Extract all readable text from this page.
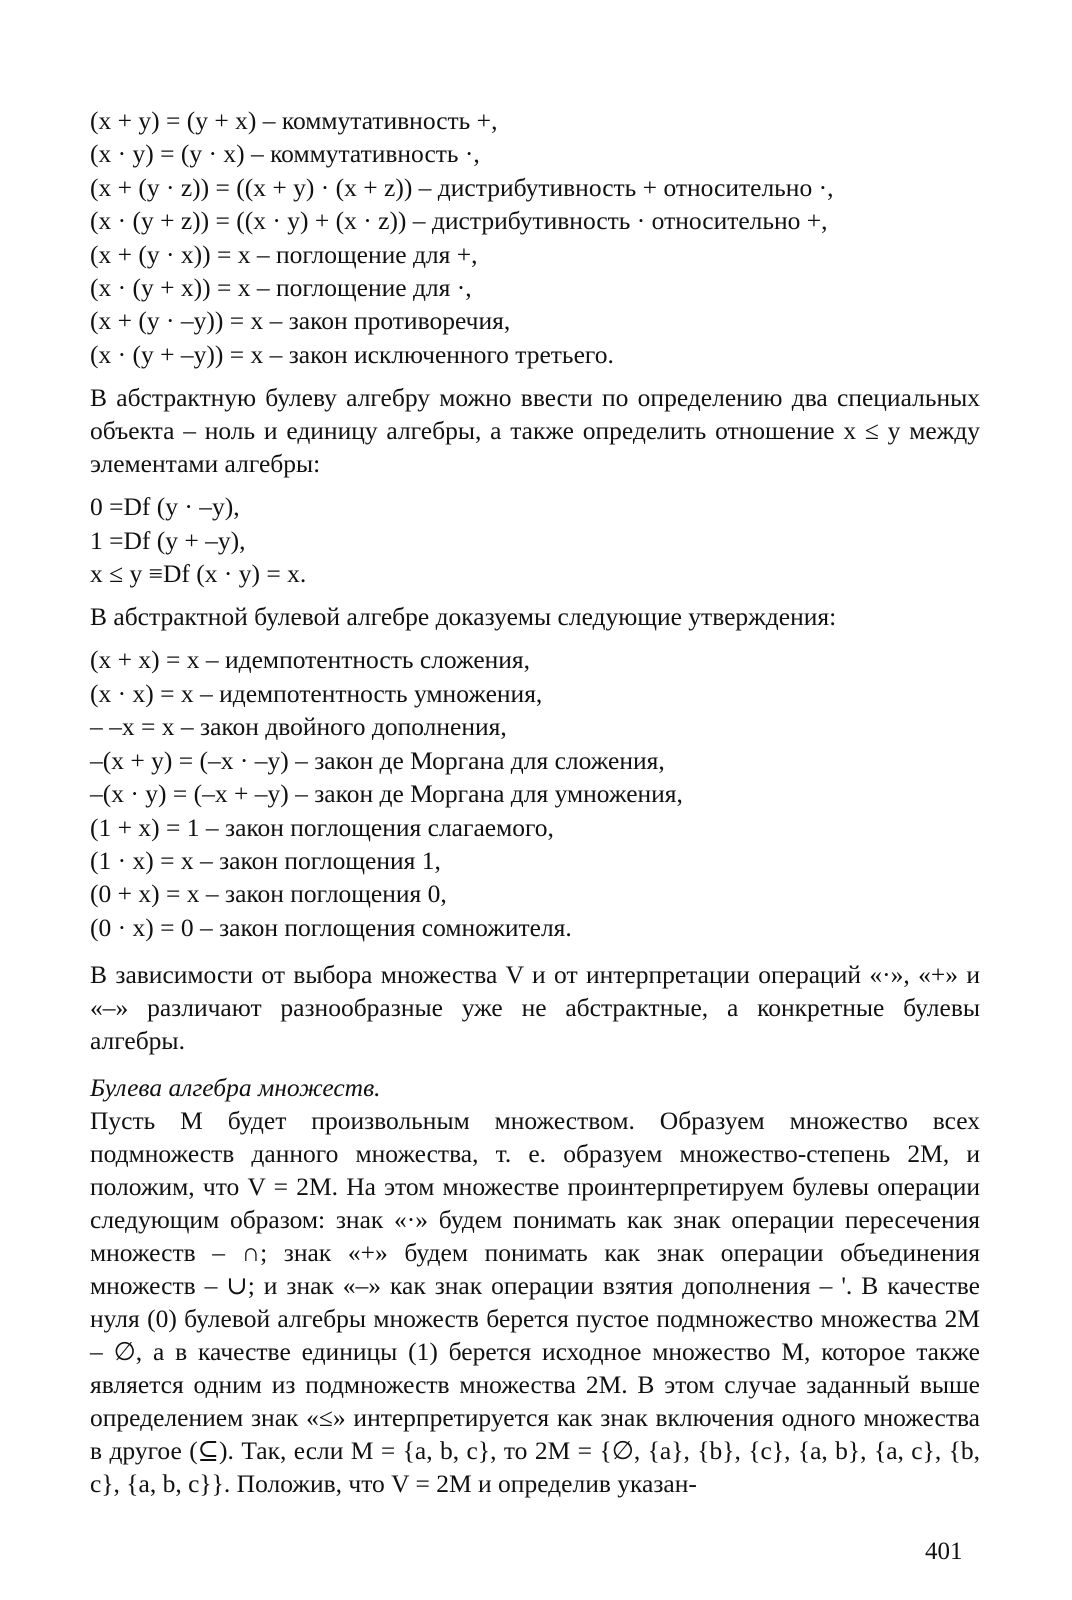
(x + y) = (y + x) – коммутативность +,
(x · y) = (y · x) – коммутативность ·,
(x + (y · z)) = ((x + y) · (x + z)) – дистрибутивность + относительно ·,
(x · (y + z)) = ((x · y) + (x · z)) – дистрибутивность · относительно +,
(x + (y · x)) = x – поглощение для +,
(x · (y + x)) = x – поглощение для ·,
(x + (y · –y)) = x – закон противоречия,
(x · (y + –y)) = x – закон исключенного третьего.

В абстрактную булеву алгебру можно ввести по определению два специальных объекта – ноль и единицу алгебры, а также определить отношение x ≤ y между элементами алгебры:

0 =Df (y · –y),
1 =Df (y + –y),
x ≤ y ≡Df (x · y) = x.

В абстрактной булевой алгебре доказуемы следующие утверждения:

(x + x) = x – идемпотентность сложения,
(x · x) = x – идемпотентность умножения,
– –x = x – закон двойного дополнения,
–(x + y) = (–x · –y) – закон де Моргана для сложения,
–(x · y) = (–x + –y) – закон де Моргана для умножения,
(1 + x) = 1 – закон поглощения слагаемого,
(1 · x) = x – закон поглощения 1,
(0 + x) = x – закон поглощения 0,
(0 · x) = 0 – закон поглощения сомножителя.

В зависимости от выбора множества V и от интерпретации операций «·», «+» и «–» различают разнообразные уже не абстрактные, а конкретные булевы алгебры.

Булева алгебра множеств.

Пусть M будет произвольным множеством. Образуем множество всех подмножеств данного множества, т. е. образуем множество-степень 2M, и положим, что V = 2M. На этом множестве проинтерпретируем булевы операции следующим образом: знак «·» будем понимать как знак операции пересечения множеств – ∩; знак «+» будем понимать как знак операции объединения множеств – ∪; и знак «–» как знак операции взятия дополнения – '. В качестве нуля (0) булевой алгебры множеств берется пустое подмножество множества 2M – ∅, а в качестве единицы (1) берется исходное множество M, которое также является одним из подмножеств множества 2M. В этом случае заданный выше определением знак «≤» интерпретируется как знак включения одного множества в другое (⊆). Так, если M = {a, b, c}, то 2M = {∅, {a}, {b}, {c}, {a, b}, {a, c}, {b, c}, {a, b, c}}. Положив, что V = 2M и определив указан-

401
